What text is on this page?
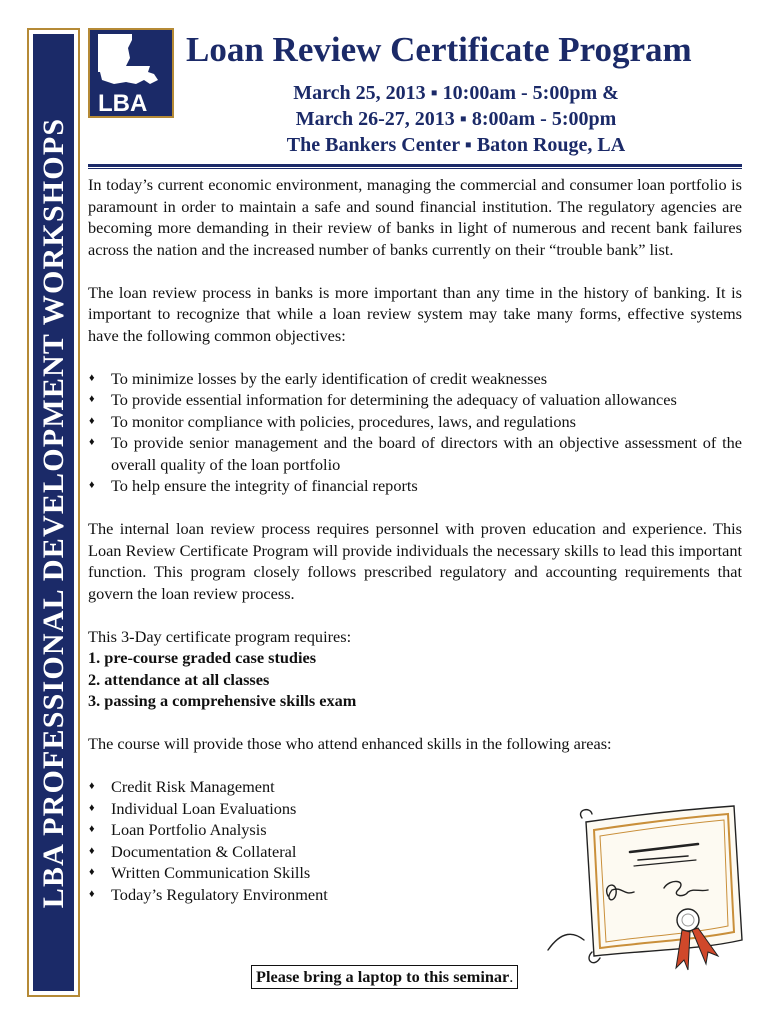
LBA PROFESSIONAL DEVELOPMENT WORKSHOPS
LBA
Loan Review Certificate Program
March 25, 2013 ▪ 10:00am - 5:00pm &
March 26-27, 2013 ▪ 8:00am - 5:00pm
The Bankers Center ▪ Baton Rouge, LA

In today’s current economic environment, managing the commercial and consumer loan portfolio is paramount in order to maintain a safe and sound financial institution. The regulatory agencies are becoming more demanding in their review of banks in light of numerous and recent bank failures across the nation and the increased number of banks currently on their “trouble bank” list.

The loan review process in banks is more important than any time in the history of banking. It is important to recognize that while a loan review system may take many forms, effective systems have the following common objectives:

♦ To minimize losses by the early identification of credit weaknesses
♦ To provide essential information for determining the adequacy of valuation allowances
♦ To monitor compliance with policies, procedures, laws, and regulations
♦ To provide senior management and the board of directors with an objective assessment of the overall quality of the loan portfolio
♦ To help ensure the integrity of financial reports

The internal loan review process requires personnel with proven education and experience. This Loan Review Certificate Program will provide individuals the necessary skills to lead this important function. This program closely follows prescribed regulatory and accounting requirements that govern the loan review process.

This 3-Day certificate program requires:

1. pre-course graded case studies
2. attendance at all classes
3. passing a comprehensive skills exam

The course will provide those who attend enhanced skills in the following areas:

♦ Credit Risk Management
♦ Individual Loan Evaluations
♦ Loan Portfolio Analysis
♦ Documentation & Collateral
♦ Written Communication Skills
♦ Today’s Regulatory Environment
Please bring a laptop to this seminar.
